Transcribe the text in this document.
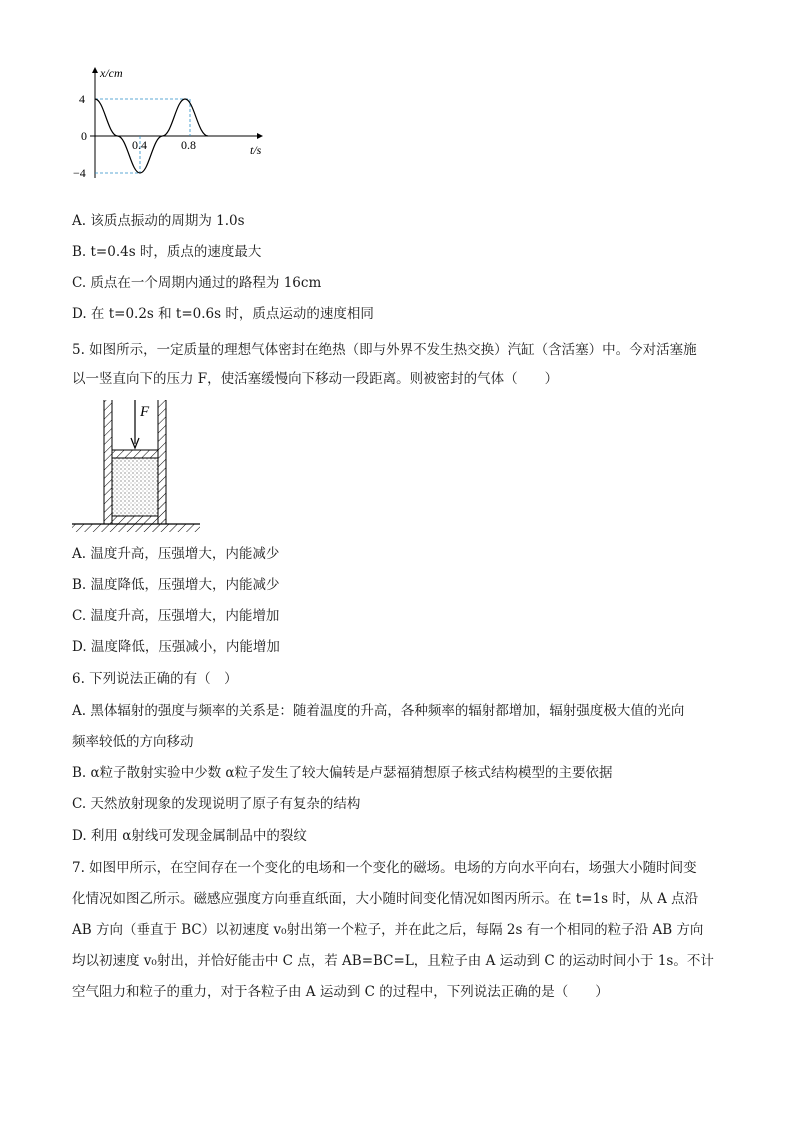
x/cm
t/s
4
0
−4
0.4	0.8
A. 该质点振动的周期为 1.0s
B. t=0.4s 时，质点的速度最大
C. 质点在一个周期内通过的路程为 16cm
D. 在 t=0.2s 和 t=0.6s 时，质点运动的速度相同
5. 如图所示，一定质量的理想气体密封在绝热（即与外界不发生热交换）汽缸（含活塞）中。今对活塞施
以一竖直向下的压力 F，使活塞缓慢向下移动一段距离。则被密封的气体（　　）
F
A. 温度升高，压强增大，内能减少
B. 温度降低，压强增大，内能减少
C. 温度升高，压强增大，内能增加
D. 温度降低，压强减小，内能增加
6. 下列说法正确的有（　）
A. 黑体辐射的强度与频率的关系是：随着温度的升高，各种频率的辐射都增加，辐射强度极大值的光向
频率较低的方向移动
B. α粒子散射实验中少数 α粒子发生了较大偏转是卢瑟福猜想原子核式结构模型的主要依据
C. 天然放射现象的发现说明了原子有复杂的结构
D. 利用 α射线可发现金属制品中的裂纹
7. 如图甲所示，在空间存在一个变化的电场和一个变化的磁场。电场的方向水平向右，场强大小随时间变
化情况如图乙所示。磁感应强度方向垂直纸面，大小随时间变化情况如图丙所示。在 t=1s 时，从 A 点沿
AB 方向（垂直于 BC）以初速度 v₀射出第一个粒子，并在此之后，每隔 2s 有一个相同的粒子沿 AB 方向
均以初速度 v₀射出，并恰好能击中 C 点，若 AB=BC=L，且粒子由 A 运动到 C 的运动时间小于 1s。不计
空气阻力和粒子的重力，对于各粒子由 A 运动到 C 的过程中，下列说法正确的是（　　）
